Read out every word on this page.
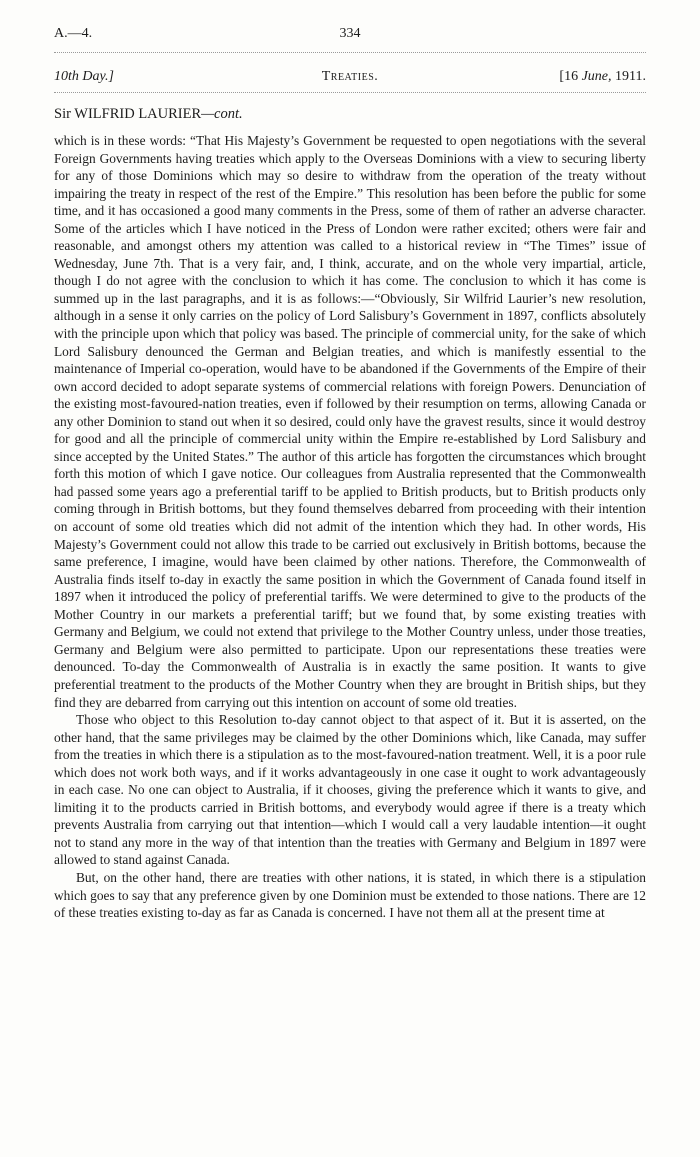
A.—4.	334
10th Day.]	Treaties.	[16 June, 1911.
Sir WILFRID LAURIER—cont.

which is in these words: “That His Majesty’s Government be requested to open negotiations with the several Foreign Governments having treaties which apply to the Overseas Dominions with a view to securing liberty for any of those Dominions which may so desire to withdraw from the operation of the treaty without impairing the treaty in respect of the rest of the Empire.” This resolution has been before the public for some time, and it has occasioned a good many comments in the Press, some of them of rather an adverse character. Some of the articles which I have noticed in the Press of London were rather excited; others were fair and reasonable, and amongst others my attention was called to a historical review in “The Times” issue of Wednesday, June 7th. That is a very fair, and, I think, accurate, and on the whole very impartial, article, though I do not agree with the conclusion to which it has come. The conclusion to which it has come is summed up in the last paragraphs, and it is as follows:—“Obviously, Sir Wilfrid Laurier’s new resolution, although in a sense it only carries on the policy of Lord Salisbury’s Government in 1897, conflicts absolutely with the principle upon which that policy was based. The principle of commercial unity, for the sake of which Lord Salisbury denounced the German and Belgian treaties, and which is manifestly essential to the maintenance of Imperial co-operation, would have to be abandoned if the Governments of the Empire of their own accord decided to adopt separate systems of commercial relations with foreign Powers. Denunciation of the existing most-favoured-nation treaties, even if followed by their resumption on terms, allowing Canada or any other Dominion to stand out when it so desired, could only have the gravest results, since it would destroy for good and all the principle of commercial unity within the Empire re-established by Lord Salisbury and since accepted by the United States.” The author of this article has forgotten the circumstances which brought forth this motion of which I gave notice. Our colleagues from Australia represented that the Commonwealth had passed some years ago a preferential tariff to be applied to British products, but to British products only coming through in British bottoms, but they found themselves debarred from proceeding with their intention on account of some old treaties which did not admit of the intention which they had. In other words, His Majesty’s Government could not allow this trade to be carried out exclusively in British bottoms, because the same preference, I imagine, would have been claimed by other nations. Therefore, the Commonwealth of Australia finds itself to-day in exactly the same position in which the Government of Canada found itself in 1897 when it introduced the policy of preferential tariffs. We were determined to give to the products of the Mother Country in our markets a preferential tariff; but we found that, by some existing treaties with Germany and Belgium, we could not extend that privilege to the Mother Country unless, under those treaties, Germany and Belgium were also permitted to participate. Upon our representations these treaties were denounced. To-day the Commonwealth of Australia is in exactly the same position. It wants to give preferential treatment to the products of the Mother Country when they are brought in British ships, but they find they are debarred from carrying out this intention on account of some old treaties.

Those who object to this Resolution to-day cannot object to that aspect of it. But it is asserted, on the other hand, that the same privileges may be claimed by the other Dominions which, like Canada, may suffer from the treaties in which there is a stipulation as to the most-favoured-nation treatment. Well, it is a poor rule which does not work both ways, and if it works advantageously in one case it ought to work advantageously in each case. No one can object to Australia, if it chooses, giving the preference which it wants to give, and limiting it to the products carried in British bottoms, and everybody would agree if there is a treaty which prevents Australia from carrying out that intention—which I would call a very laudable intention—it ought not to stand any more in the way of that intention than the treaties with Germany and Belgium in 1897 were allowed to stand against Canada.

But, on the other hand, there are treaties with other nations, it is stated, in which there is a stipulation which goes to say that any preference given by one Dominion must be extended to those nations. There are 12 of these treaties existing to-day as far as Canada is concerned. I have not them all at the present time at
